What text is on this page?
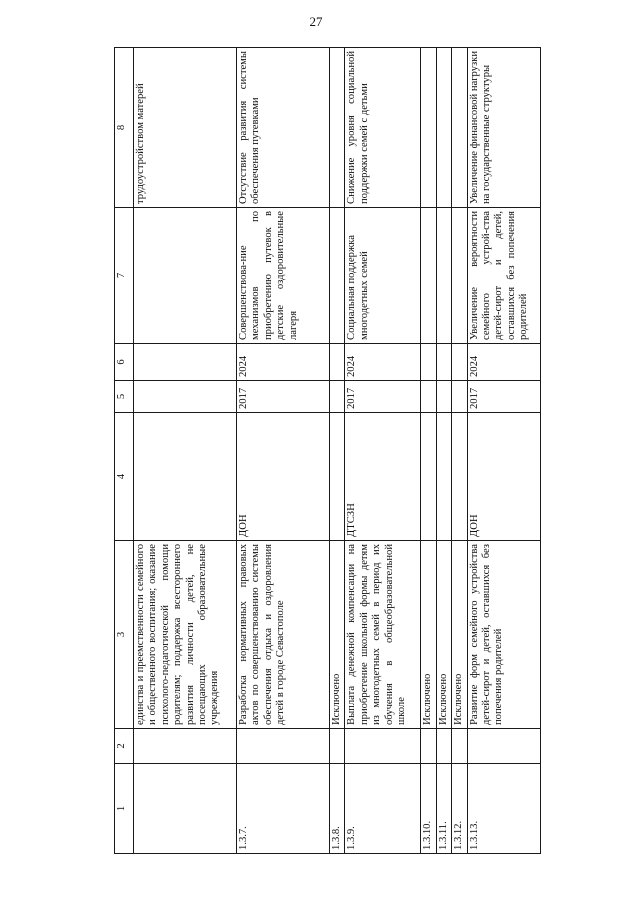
27
1	2	3	4	5	6	7	8
		единства и преемственности семейного и общественного воспитания; оказание психолого-педагогической помощи родителям; поддержка всестороннего развития личности детей, не посещающих образовательные учреждения					трудоустройством матерей
1.3.7.		Разработка нормативных правовых актов по совершенствованию системы обеспечения отдыха и оздоровления детей в городе Севастополе	ДОН	2017	2024	Совершенствова-ние механизмов по приобретению путевок в детские оздоровительные лагеря	Отсутствие развития системы обеспечения путевками
1.3.8.		Исключено					
1.3.9.		Выплата денежной компенсации на приобретение школьной формы детям из многодетных семей в период их обучения в общеобразовательной школе	ДТСЗН	2017	2024	Социальная поддержка многодетных семей	Снижение уровня социальной поддержки семей с детьми
1.3.10.		Исключено					
1.3.11.		Исключено					
1.3.12.		Исключено					
1.3.13.		Развитие форм семейного устройства детей-сирот и детей, оставшихся без попечения родителей	ДОН	2017	2024	Увеличение вероятности семейного устрой-ства детей-сирот и детей, оставшихся без попечения родителей	Увеличение финансовой нагрузки на государственные структуры
